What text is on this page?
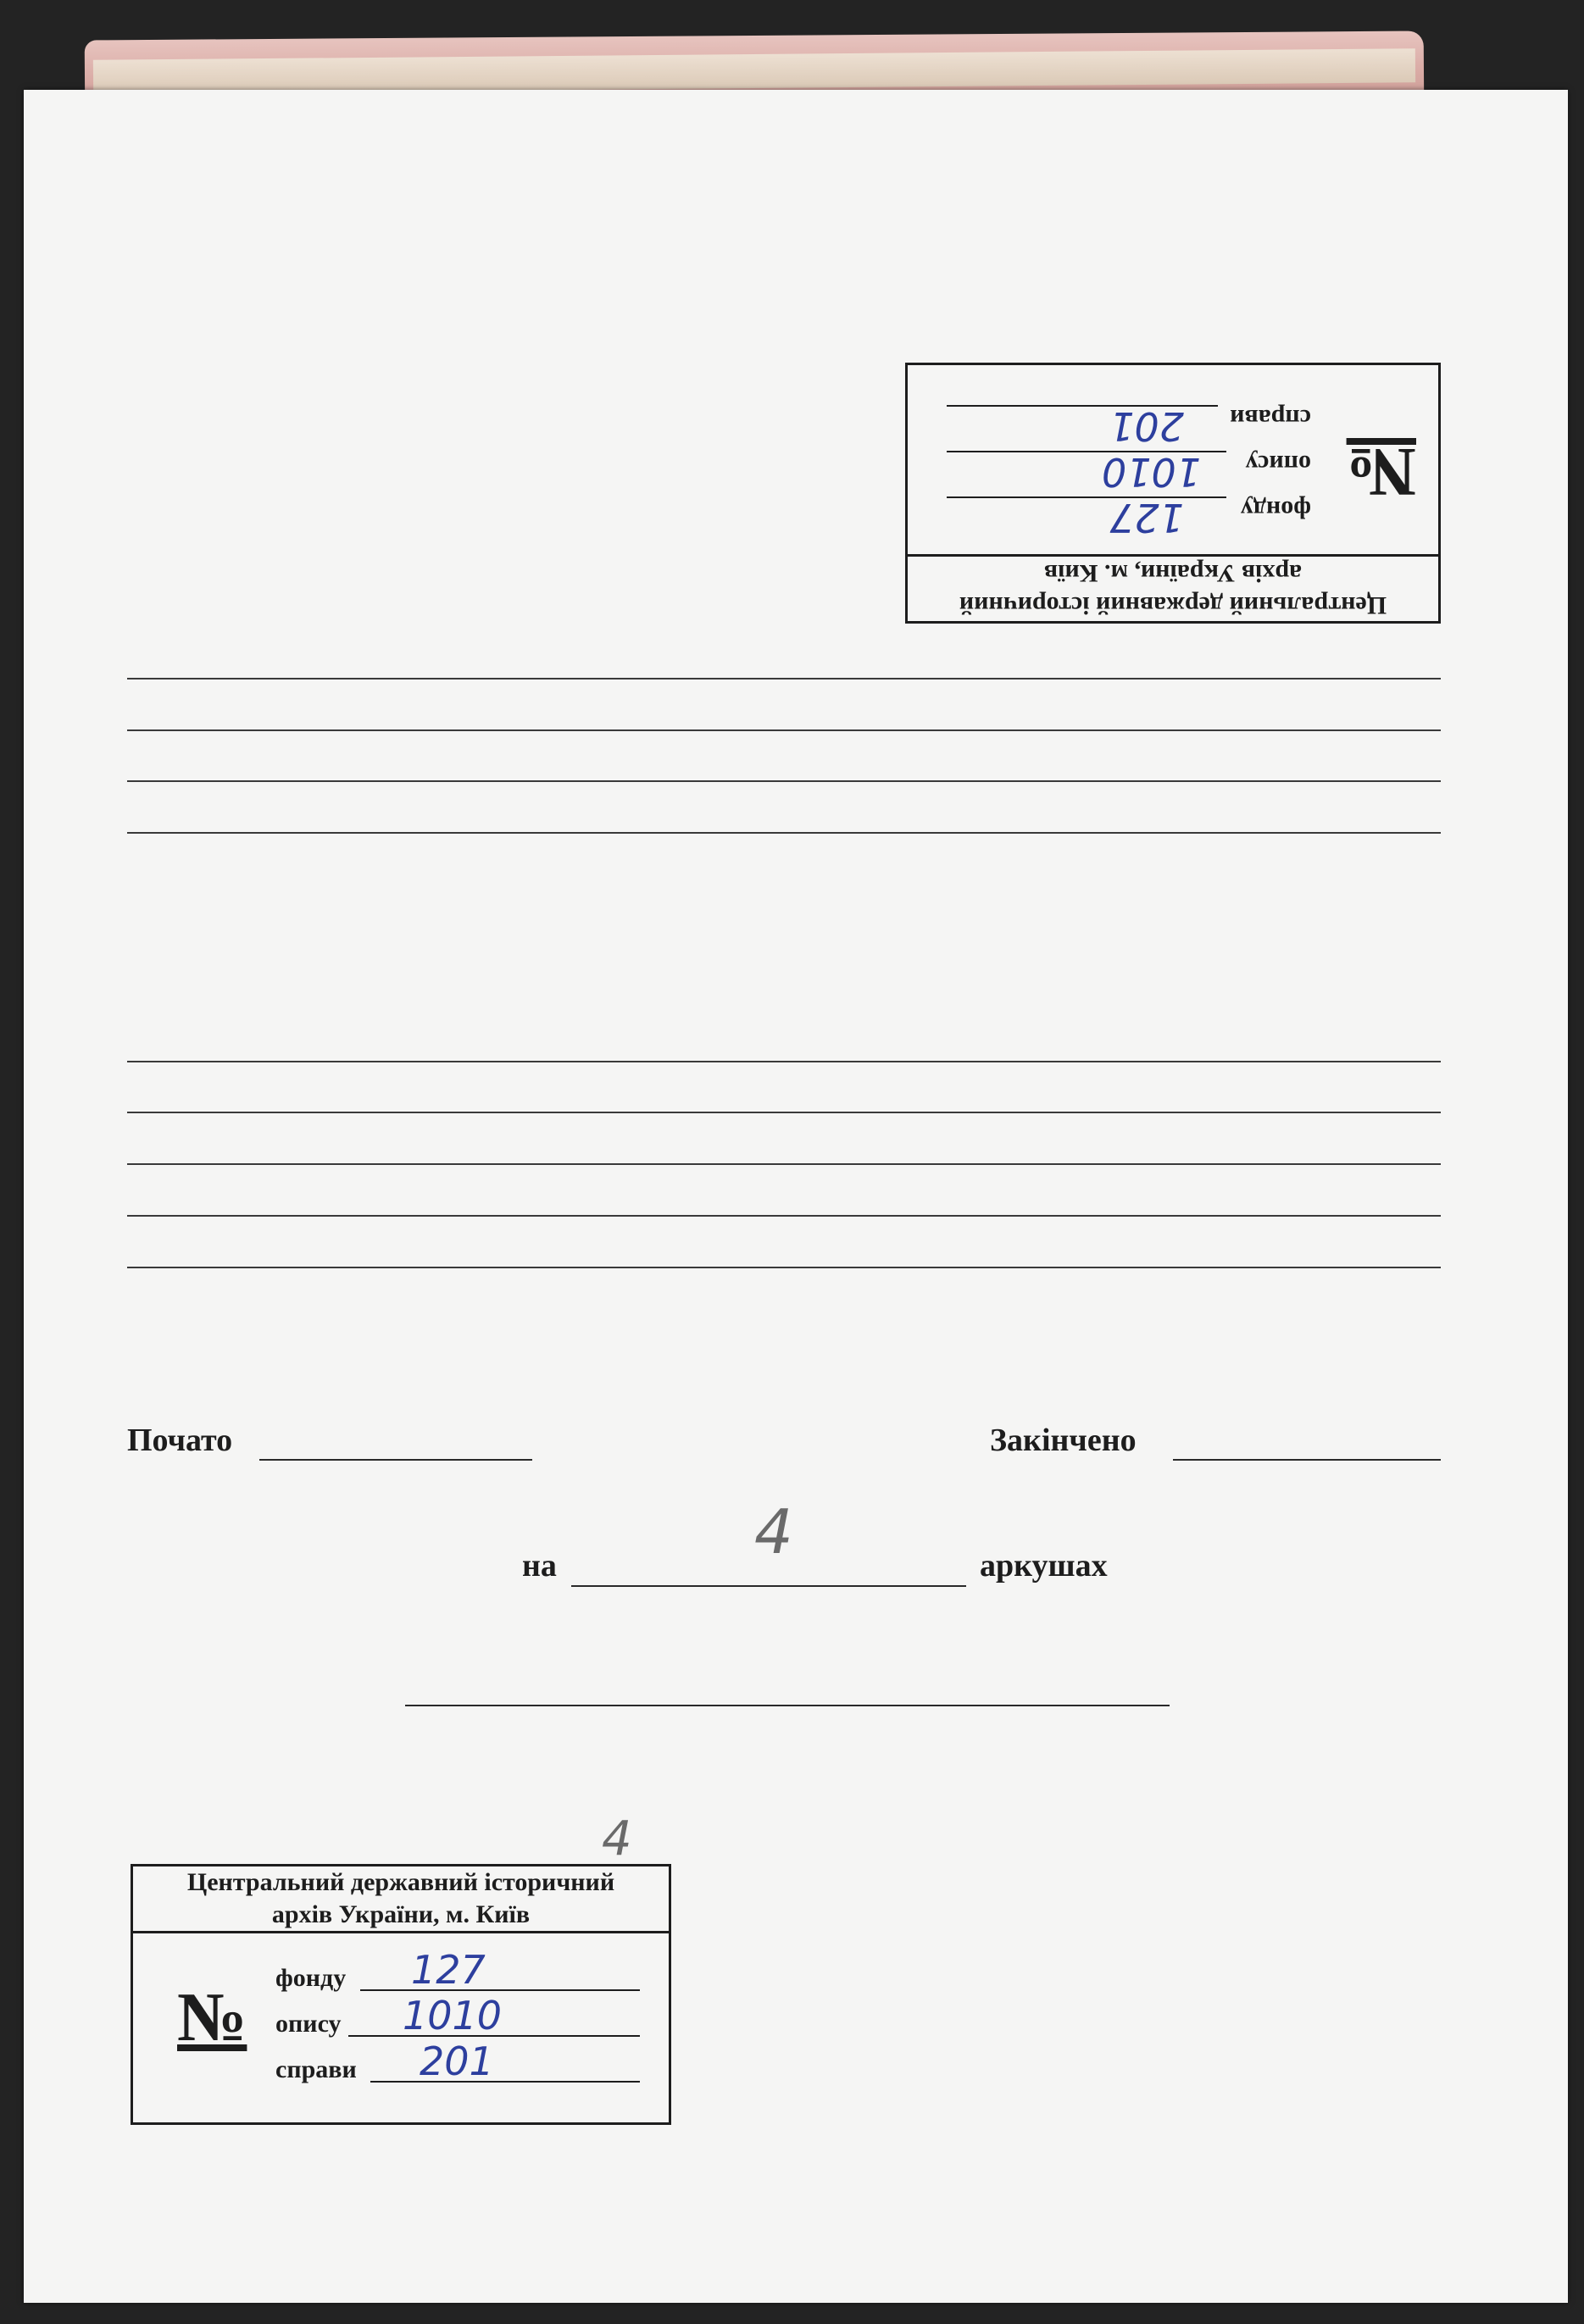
Центральний державний історичний
архів України, м. Київ
№
фонду
127
опису
1010
справи
201
Почато	Закінчено
на	4	аркушах
4
Центральний державний історичний
архів України, м. Київ
№
фонду 127
опису 1010
справи 201
